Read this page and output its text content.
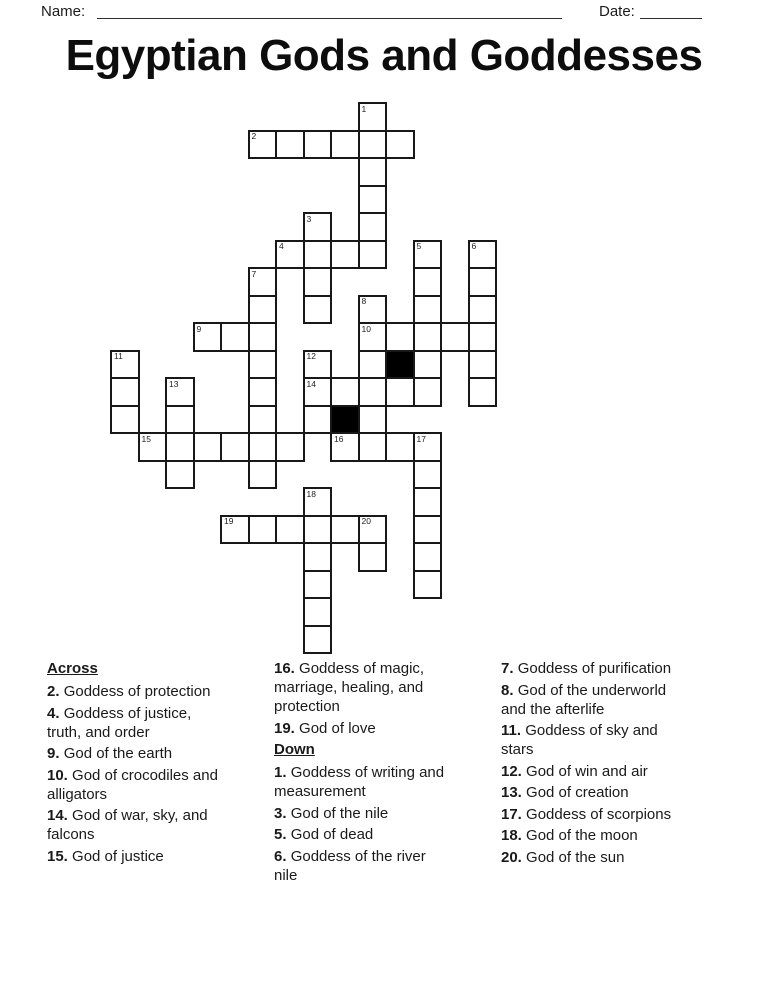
Name:	Date:
Egyptian Gods and Goddesses
1
2
3
4	5	6
7
8
9	10
11	12
13	14
15	16	17
18
19	20
Across
2. Goddess of protection
4. Goddess of justice, truth, and order
9. God of the earth
10. God of crocodiles and alligators
14. God of war, sky, and falcons
15. God of justice
16. Goddess of magic, marriage, healing, and protection
19. God of love
Down
1. Goddess of writing and measurement
3. God of the nile
5. God of dead
6. Goddess of the river nile
7. Goddess of purification
8. God of the underworld and the afterlife
11. Goddess of sky and stars
12. God of win and air
13. God of creation
17. Goddess of scorpions
18. God of the moon
20. God of the sun
